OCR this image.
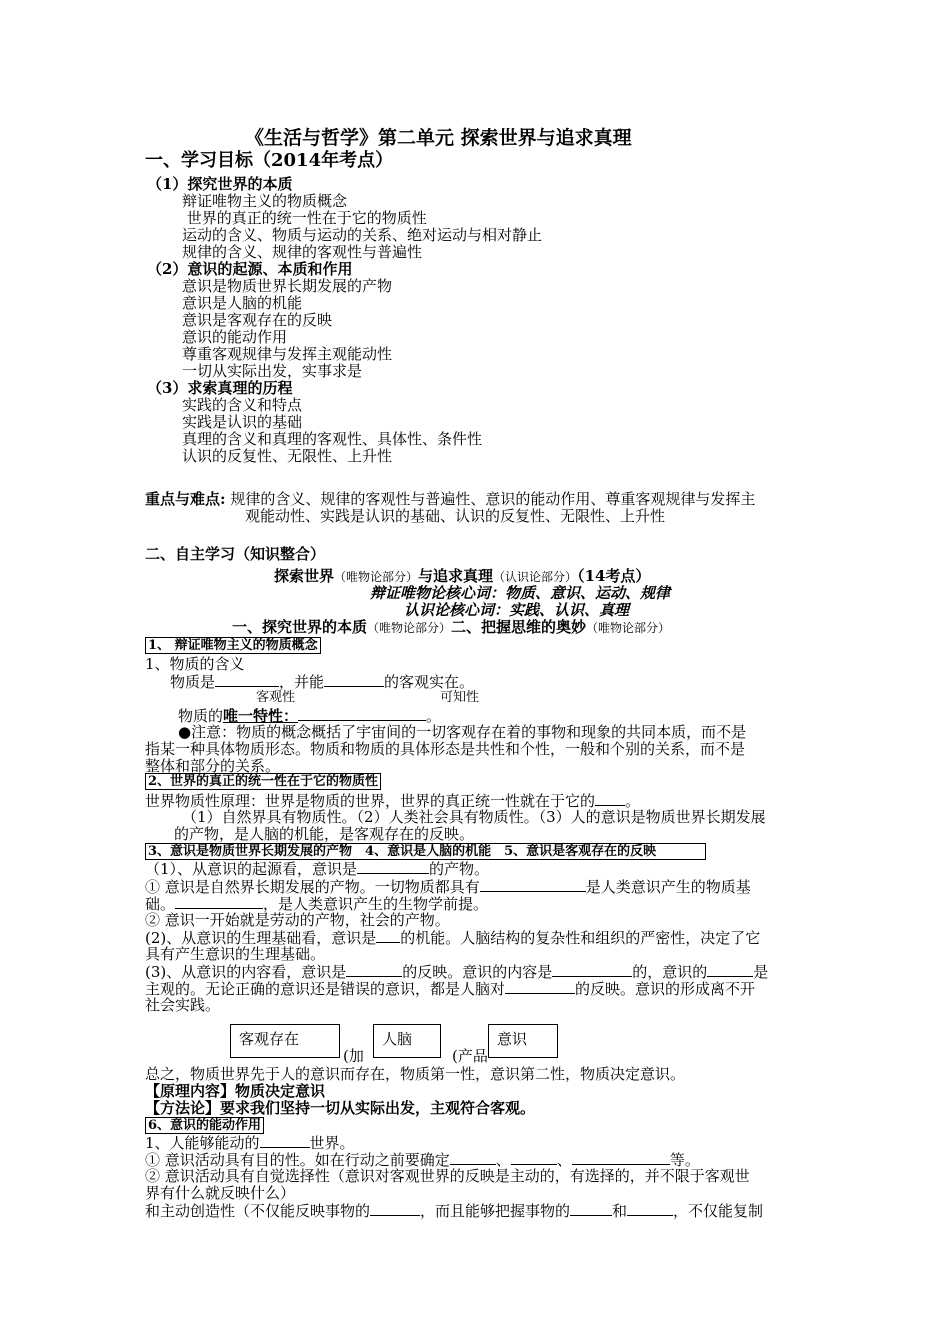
《生活与哲学》第二单元 探索世界与追求真理
一、学习目标（2014年考点）
（1）探究世界的本质
辩证唯物主义的物质概念
世界的真正的统一性在于它的物质性
运动的含义、物质与运动的关系、绝对运动与相对静止
规律的含义、规律的客观性与普遍性
（2）意识的起源、本质和作用
意识是物质世界长期发展的产物
意识是人脑的机能
意识是客观存在的反映
意识的能动作用
尊重客观规律与发挥主观能动性
一切从实际出发，实事求是
（3）求索真理的历程
实践的含义和特点
实践是认识的基础
真理的含义和真理的客观性、具体性、条件性
认识的反复性、无限性、上升性
重点与难点: 规律的含义、规律的客观性与普遍性、意识的能动作用、尊重客观规律与发挥主
观能动性、实践是认识的基础、认识的反复性、无限性、上升性
二、自主学习（知识整合）
探索世界（唯物论部分）与追求真理（认识论部分）（14考点）
辩证唯物论核心词：物质、意识、运动、规律
认识论核心词：实践、认识、真理
一、探究世界的本质（唯物论部分）二、把握思维的奥妙（唯物论部分）
1、 辩证唯物主义的物质概念
1、物质的含义
物质是	，并能	的客观实在。
客观性	可知性
物质的唯一特性：	。
●注意：物质的概念概括了宇宙间的一切客观存在着的事物和现象的共同本质，而不是
指某一种具体物质形态。物质和物质的具体形态是共性和个性，一般和个别的关系，而不是
整体和部分的关系。
2、世界的真正的统一性在于它的物质性
世界物质性原理：世界是物质的世界，世界的真正统一性就在于它的 。
（1）自然界具有物质性。（2）人类社会具有物质性。（3）人的意识是物质世界长期发展
的产物，是人脑的机能，是客观存在的反映。
3、意识是物质世界长期发展的产物　4、意识是人脑的机能　5、意识是客观存在的反映
（1）、从意识的起源看，意识是	的产物。
① 意识是自然界长期发展的产物。一切物质都具有	是人类意识产生的物质基
础。	，是人类意识产生的生物学前提。
② 意识一开始就是劳动的产物，社会的产物。
(2)、从意识的生理基础看，意识是 的机能。人脑结构的复杂性和组织的严密性，决定了它
具有产生意识的生理基础。
(3)、从意识的内容看，意识是	的反映。意识的内容是	的，意识的	是
主观的。无论正确的意识还是错误的意识，都是人脑对	的反映。意识的形成离不开
社会实践。
客观存在	人脑	意识
(加	(产品
总之，物质世界先于人的意识而存在，物质第一性，意识第二性，物质决定意识。
【原理内容】物质决定意识
【方法论】要求我们坚持一切从实际出发，主观符合客观。
6、意识的能动作用
1、人能够能动的	世界。
① 意识活动具有目的性。如在行动之前要确定	、	、	等。
② 意识活动具有自觉选择性（意识对客观世界的反映是主动的，有选择的，并不限于客观世
界有什么就反映什么）
和主动创造性（不仅能反映事物的	，而且能够把握事物的	和	，不仅能复制
